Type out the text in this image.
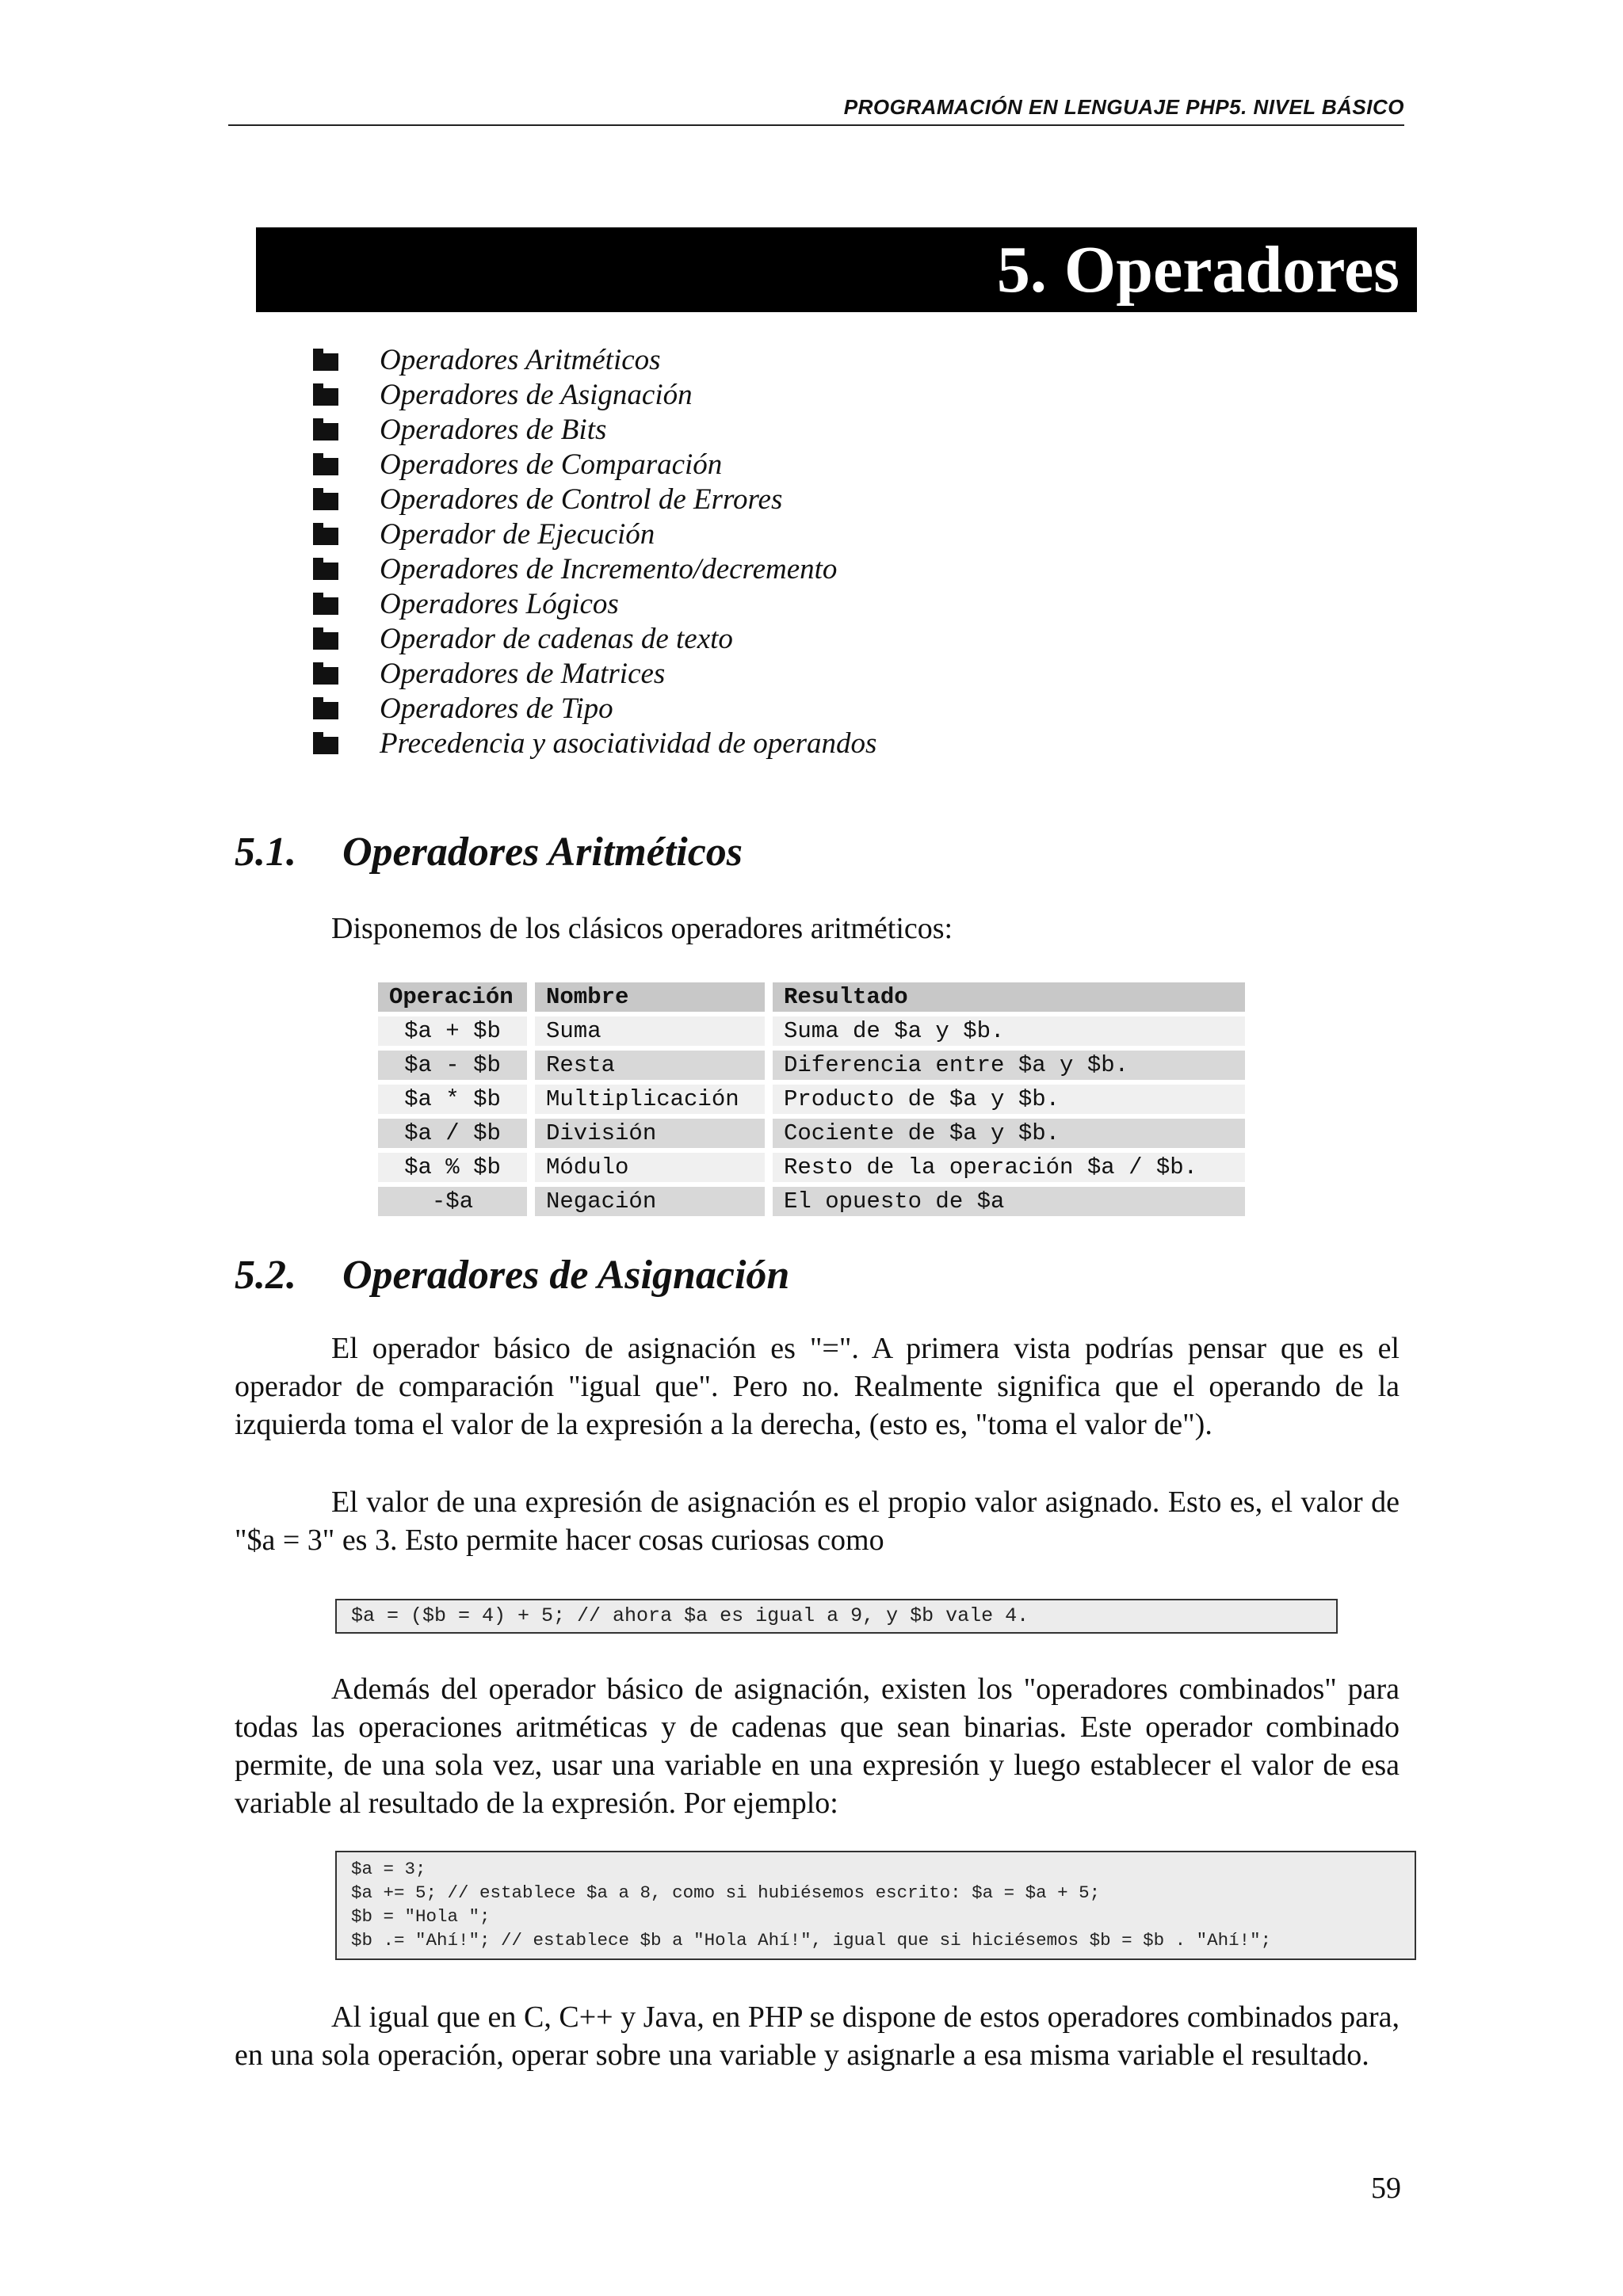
PROGRAMACIÓN EN LENGUAJE PHP5. NIVEL BÁSICO
5. Operadores
Operadores Aritméticos
Operadores de Asignación
Operadores de Bits
Operadores de Comparación
Operadores de Control de Errores
Operador de Ejecución
Operadores de Incremento/decremento
Operadores Lógicos
Operador de cadenas de texto
Operadores de Matrices
Operadores de Tipo
Precedencia y asociatividad de operandos
5.1. Operadores Aritméticos

Disponemos de los clásicos operadores aritméticos:

Operación	Nombre	Resultado
$a + $b	Suma	Suma de $a y $b.
$a - $b	Resta	Diferencia entre $a y $b.
$a * $b	Multiplicación	Producto de $a y $b.
$a / $b	División	Cociente de $a y $b.
$a % $b	Módulo	Resto de la operación $a / $b.
-$a	Negación	El opuesto de $a
5.2. Operadores de Asignación

El operador básico de asignación es "=". A primera vista podrías pensar que es el operador de comparación "igual que". Pero no. Realmente significa que el operando de la izquierda toma el valor de la expresión a la derecha, (esto es, "toma el valor de").

El valor de una expresión de asignación es el propio valor asignado. Esto es, el valor de "$a = 3" es 3. Esto permite hacer cosas curiosas como

$a = ($b = 4) + 5; // ahora $a es igual a 9, y $b vale 4.

Además del operador básico de asignación, existen los "operadores combinados" para todas las operaciones aritméticas y de cadenas que sean binarias. Este operador combinado permite, de una sola vez, usar una variable en una expresión y luego establecer el valor de esa variable al resultado de la expresión. Por ejemplo:

$a = 3;
$a += 5; // establece $a a 8, como si hubiésemos escrito: $a = $a + 5;
$b = "Hola ";
$b .= "Ahí!"; // establece $b a "Hola Ahí!", igual que si hiciésemos $b = $b . "Ahí!";

Al igual que en C, C++ y Java, en PHP se dispone de estos operadores combinados para, en una sola operación, operar sobre una variable y asignarle a esa misma variable el resultado.

59
